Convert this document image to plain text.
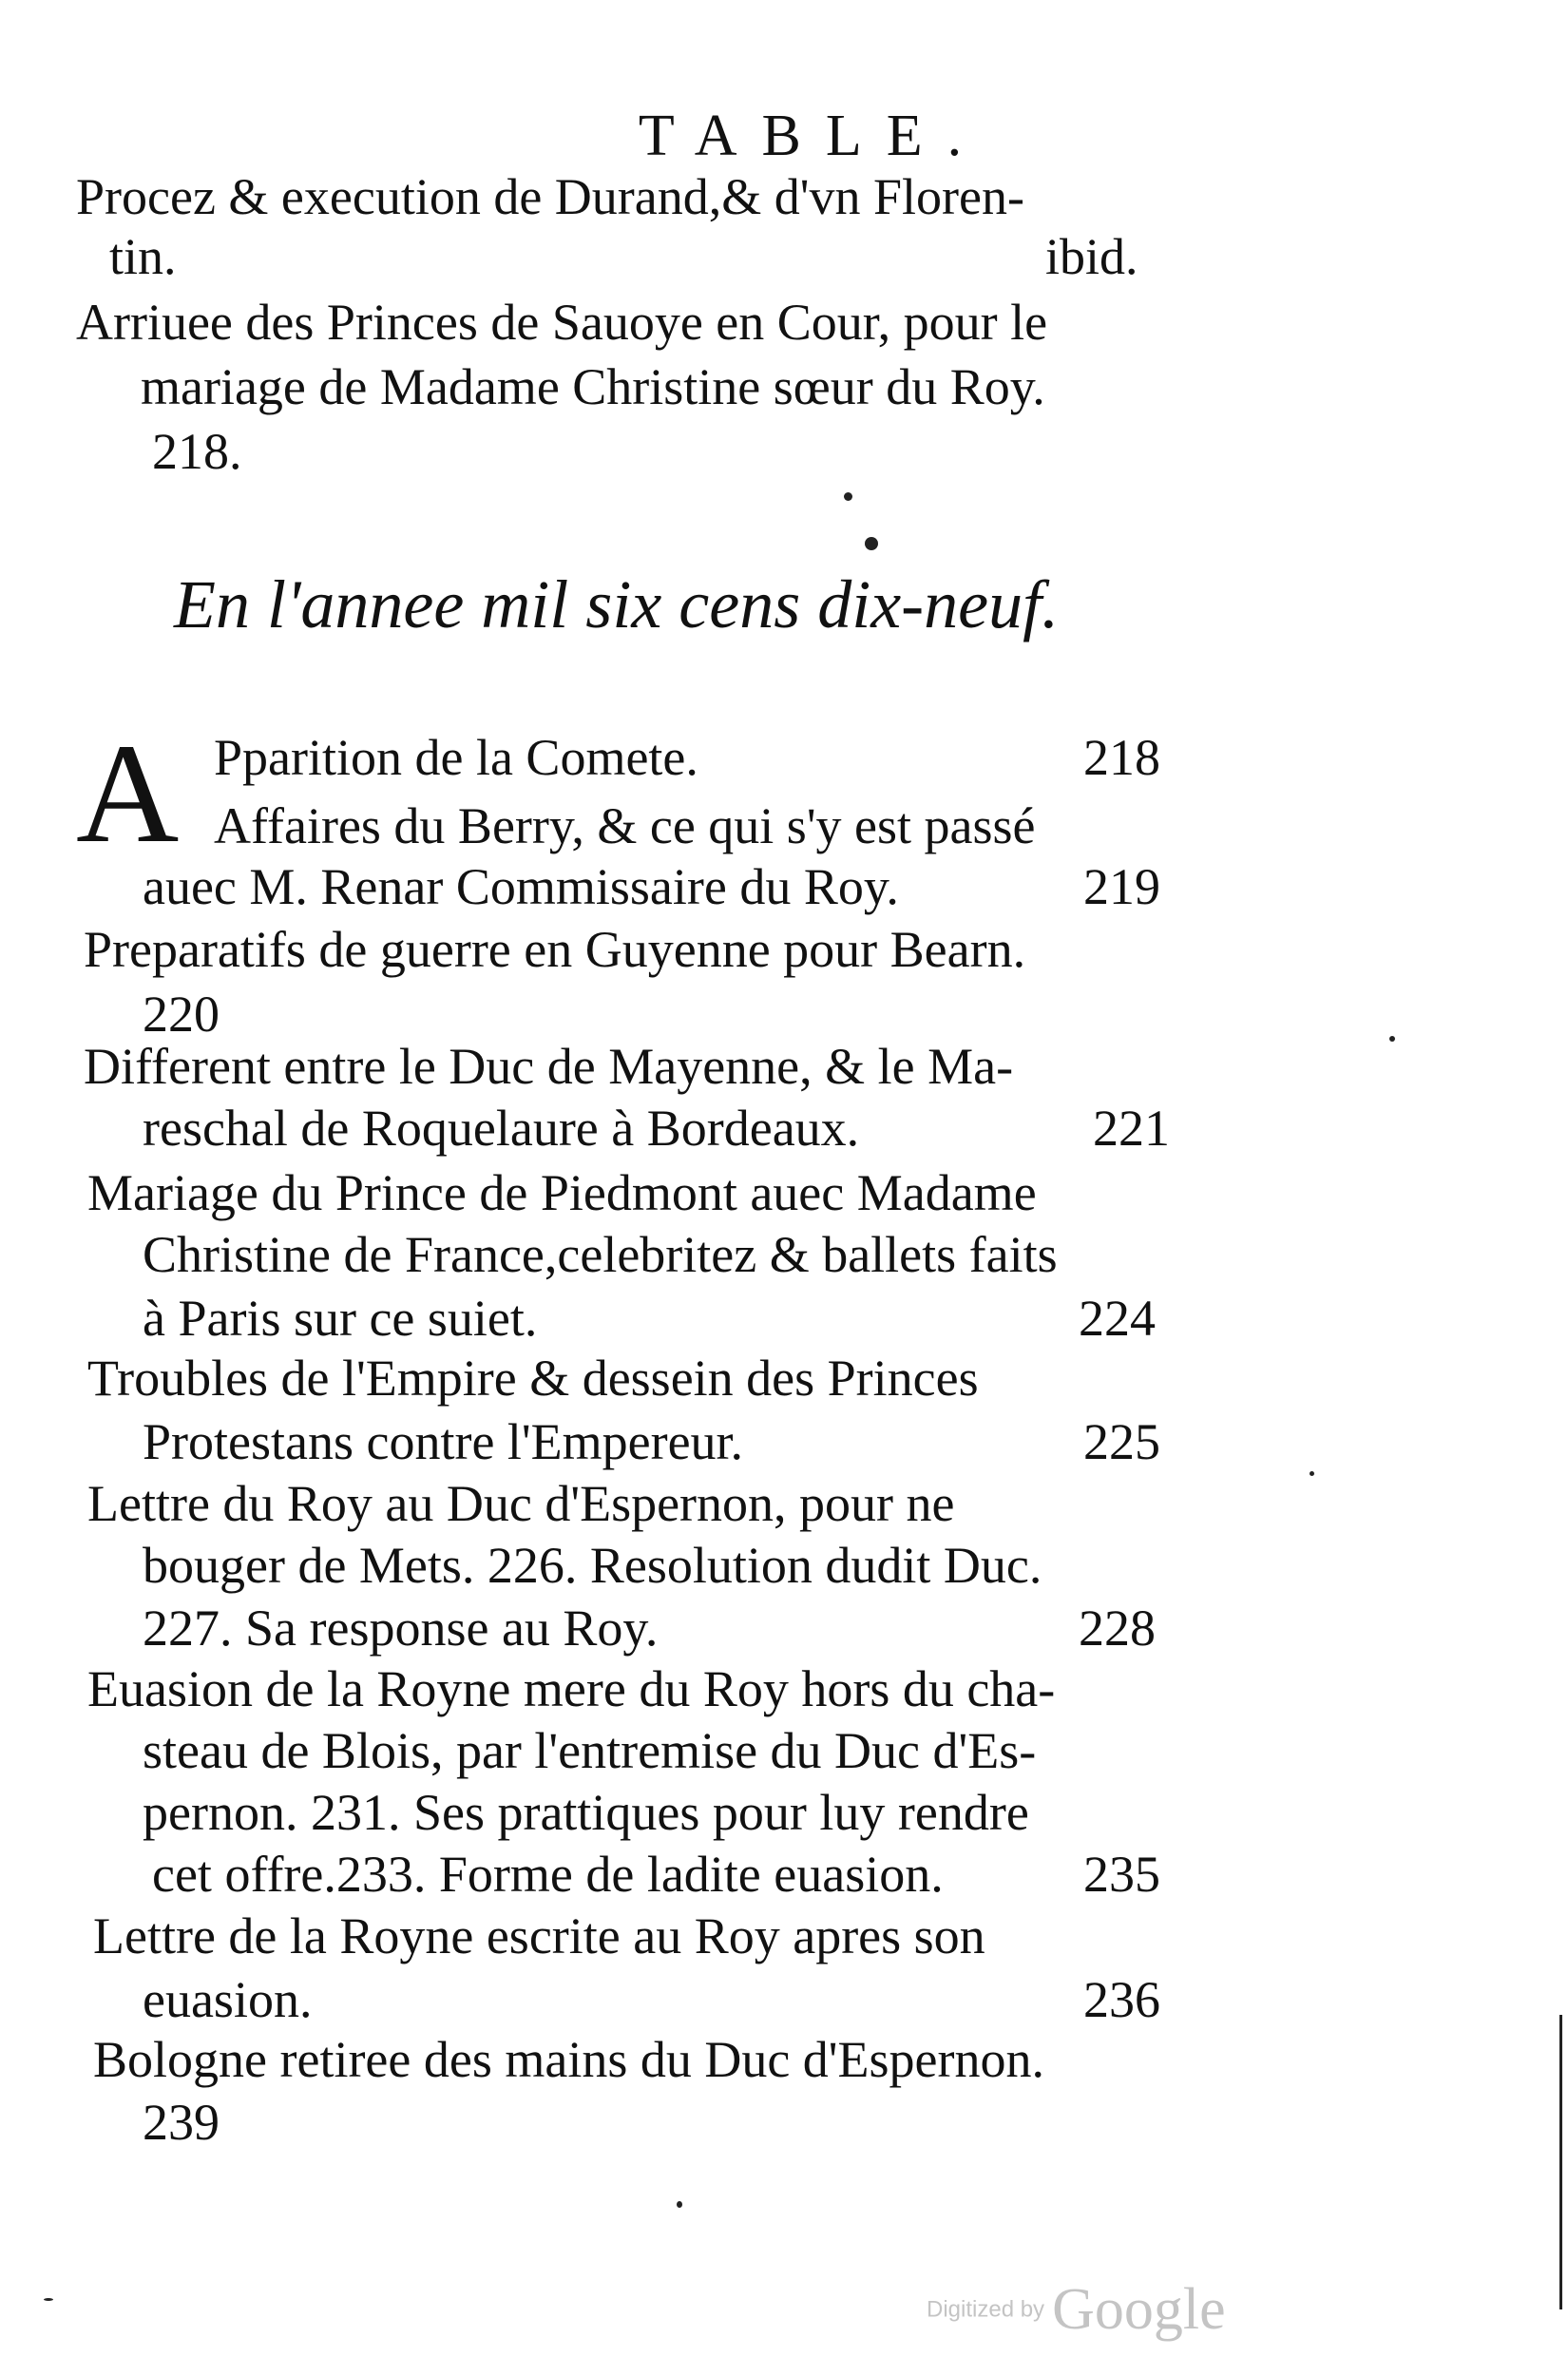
TABLE.
Procez & execution de Durand,& d'vn Floren-
tin.	ibid.
Arriuee des Princes de Sauoye en Cour, pour le
mariage de Madame Christine sœur du Roy.
218.
En l'annee mil six cens dix-neuf.
A Pparition de la Comete.	218
Affaires du Berry, & ce qui s'y est passé
auec M. Renar Commissaire du Roy.	219
Preparatifs de guerre en Guyenne pour Bearn.
220
Different entre le Duc de Mayenne, & le Ma-
reschal de Roquelaure à Bordeaux.	221
Mariage du Prince de Piedmont auec Madame
Christine de France,celebritez & ballets faits
à Paris sur ce suiet.	224
Troubles de l'Empire & dessein des Princes
Protestans contre l'Empereur.	225
Lettre du Roy au Duc d'Espernon, pour ne
bouger de Mets. 226. Resolution dudit Duc.
227. Sa response au Roy.	228
Euasion de la Royne mere du Roy hors du cha-
steau de Blois, par l'entremise du Duc d'Es-
pernon. 231. Ses prattiques pour luy rendre
cet offre.233. Forme de ladite euasion.	235
Lettre de la Royne escrite au Roy apres son
euasion.	236
Bologne retiree des mains du Duc d'Espernon.
239
Digitized by Google
